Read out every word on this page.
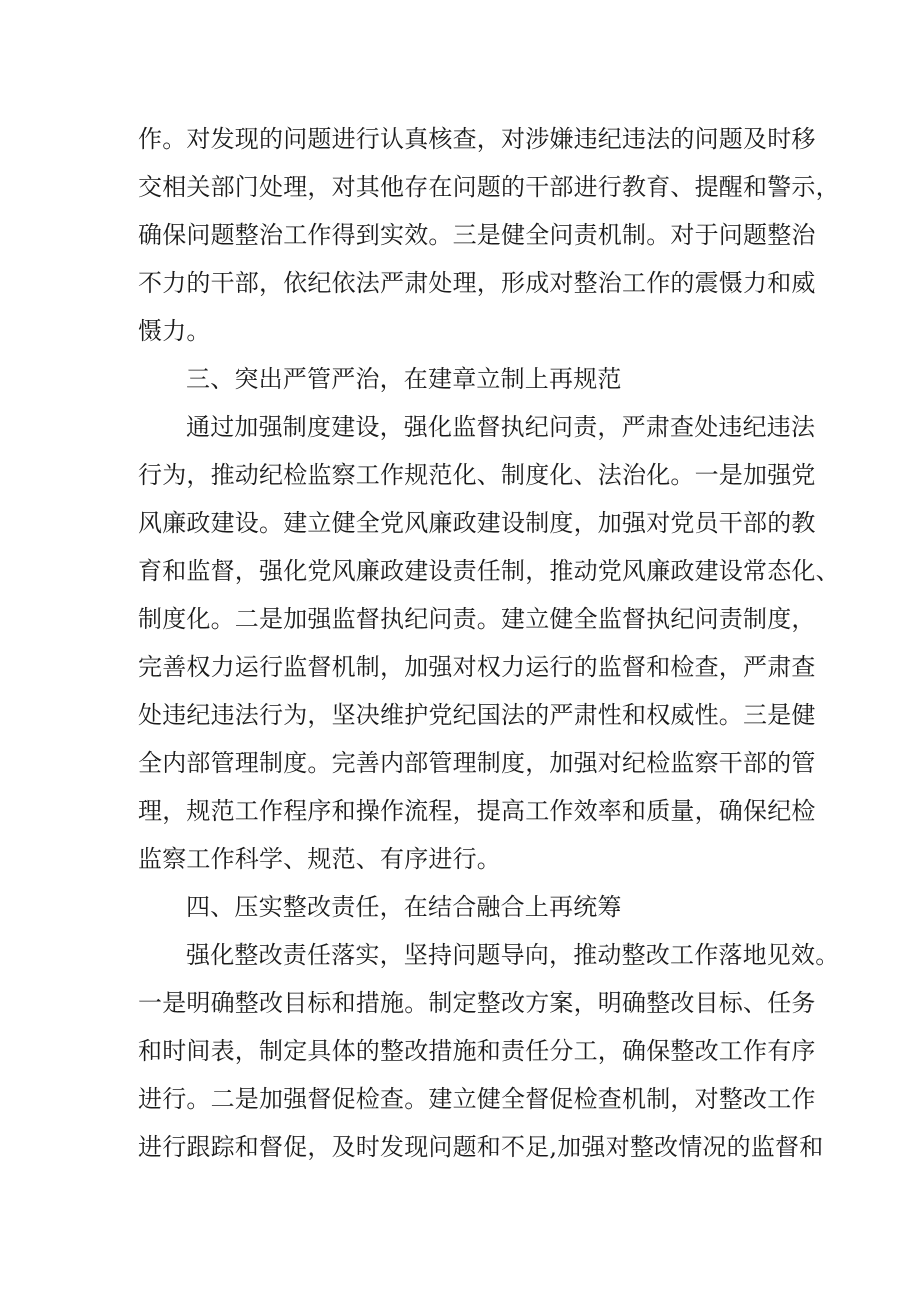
作。对发现的问题进行认真核查，对涉嫌违纪违法的问题及时移
交相关部门处理，对其他存在问题的干部进行教育、提醒和警示，
确保问题整治工作得到实效。三是健全问责机制。对于问题整治
不力的干部，依纪依法严肃处理，形成对整治工作的震慑力和威
慑力。
三、突出严管严治，在建章立制上再规范
通过加强制度建设，强化监督执纪问责，严肃查处违纪违法
行为，推动纪检监察工作规范化、制度化、法治化。一是加强党
风廉政建设。建立健全党风廉政建设制度，加强对党员干部的教
育和监督，强化党风廉政建设责任制，推动党风廉政建设常态化、
制度化。二是加强监督执纪问责。建立健全监督执纪问责制度，
完善权力运行监督机制，加强对权力运行的监督和检查，严肃查
处违纪违法行为，坚决维护党纪国法的严肃性和权威性。三是健
全内部管理制度。完善内部管理制度，加强对纪检监察干部的管
理，规范工作程序和操作流程，提高工作效率和质量，确保纪检
监察工作科学、规范、有序进行。
四、压实整改责任，在结合融合上再统筹
强化整改责任落实，坚持问题导向，推动整改工作落地见效。
一是明确整改目标和措施。制定整改方案，明确整改目标、任务
和时间表，制定具体的整改措施和责任分工，确保整改工作有序
进行。二是加强督促检查。建立健全督促检查机制，对整改工作
进行跟踪和督促，及时发现问题和不足,加强对整改情况的监督和
